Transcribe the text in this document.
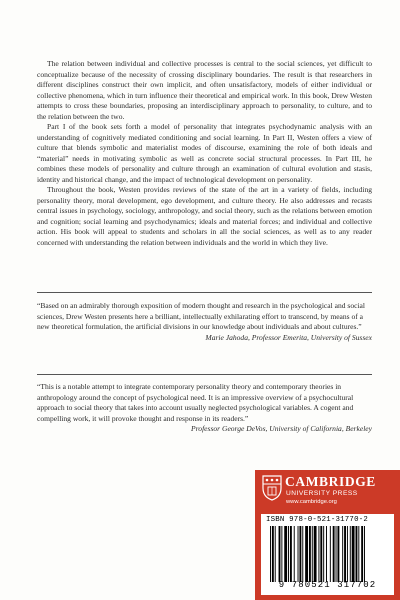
The relation between individual and collective processes is central to the social sciences, yet difficult to conceptualize because of the necessity of crossing disciplinary boundaries. The result is that researchers in different disciplines construct their own implicit, and often unsatisfactory, models of either individual or collective phenomena, which in turn influence their theoretical and empirical work. In this book, Drew Westen attempts to cross these boundaries, proposing an interdisciplinary approach to personality, to culture, and to the relation between the two.

Part I of the book sets forth a model of personality that integrates psychodynamic analysis with an understanding of cognitively mediated conditioning and social learning. In Part II, Westen offers a view of culture that blends symbolic and materialist modes of discourse, examining the role of both ideals and “material” needs in motivating symbolic as well as concrete social structural processes. In Part III, he combines these models of personality and culture through an examination of cultural evolution and stasis, identity and historical change, and the impact of technological development on personality.

Throughout the book, Westen provides reviews of the state of the art in a variety of fields, including personality theory, moral development, ego development, and culture theory. He also addresses and recasts central issues in psychology, sociology, anthropology, and social theory, such as the relations between emotion and cognition; social learning and psychodynamics; ideals and material forces; and individual and collective action. His book will appeal to students and scholars in all the social sciences, as well as to any reader concerned with understanding the relation between individuals and the world in which they live.

“Based on an admirably thorough exposition of modern thought and research in the psychological and social sciences, Drew Westen presents here a brilliant, intellectually exhilarating effort to transcend, by means of a new theoretical formulation, the artificial divisions in our knowledge about individuals and about cultures.”

Marie Jahoda, Professor Emerita, University of Sussex

“This is a notable attempt to integrate contemporary personality theory and contemporary theories in anthropology around the concept of psychological need. It is an impressive overview of a psychocultural approach to social theory that takes into account usually neglected psychological variables. A cogent and compelling work, it will provoke thought and response in its readers.”

Professor George DeVos, University of California, Berkeley

CAMBRIDGE
UNIVERSITY PRESS
www.cambridge.org
ISBN 978-0-521-31770-2
9 780521 317702
